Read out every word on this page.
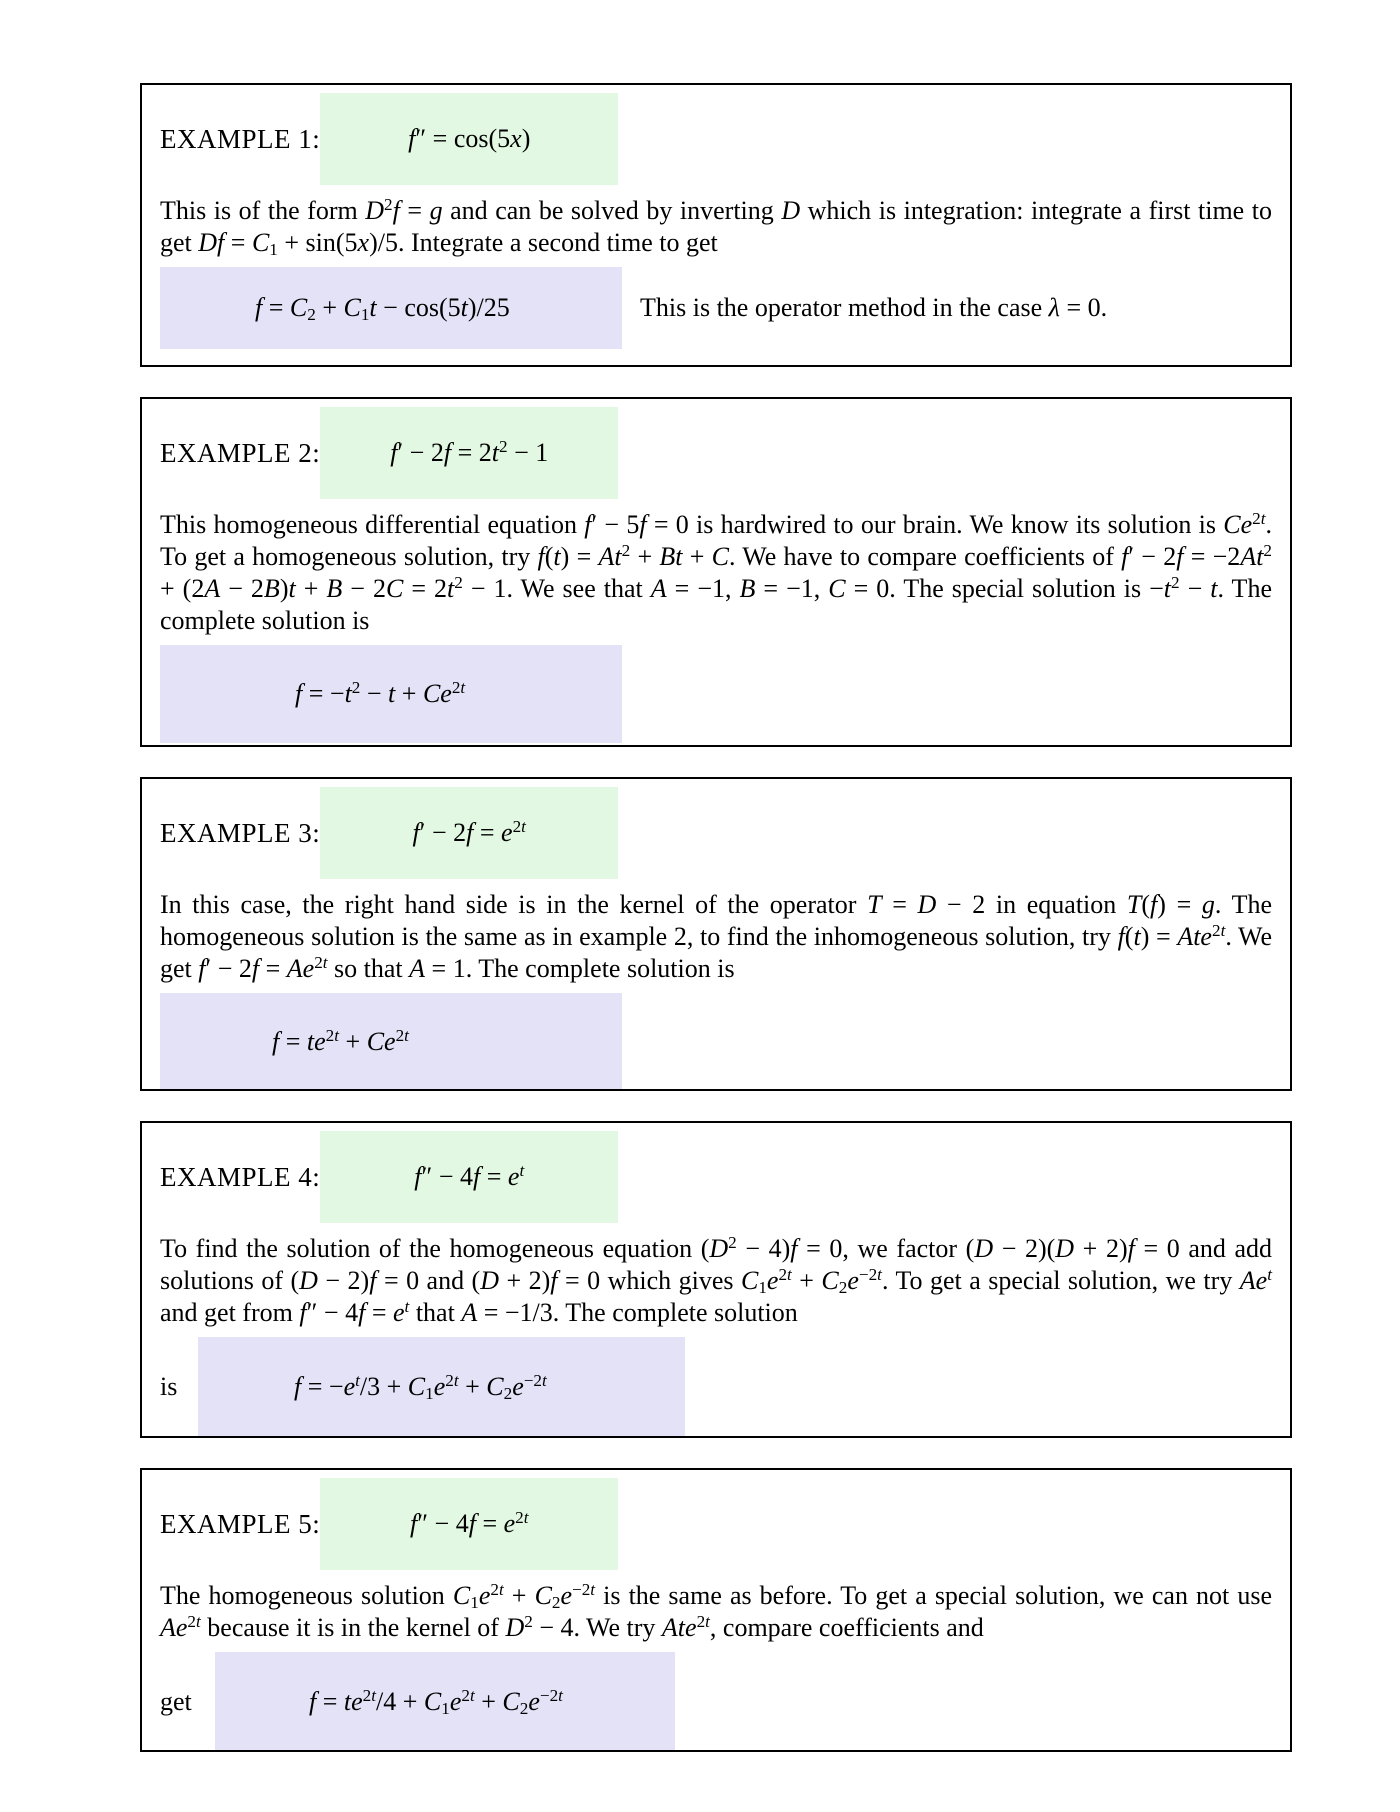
EXAMPLE 1:	f″ = cos(5x)

This is of the form $D^2f = g$ and can be solved by inverting D which is integration: integrate a first time to get $Df = C_1 + \sin(5x)/5$. Integrate a second time to get

$f = C_2 + C_1t - \cos(5t)/25$	This is the operator method in the case λ = 0.
EXAMPLE 2:	$f' - 2f = 2t^2 - 1$

This homogeneous differential equation f′ − 5f = 0 is hardwired to our brain. We know its solution is $Ce^{2t}$. To get a homogeneous solution, try $f(t) = At^2 + Bt + C$. We have to compare coefficients of $f' - 2f = -2At^2 + (2A - 2B)t + B - 2C = 2t^2 - 1$. We see that A = −1, B = −1, C = 0. The special solution is $-t^2 - t$. The complete solution is

$f = -t^2 - t + Ce^{2t}$
EXAMPLE 3:	$f' - 2f = e^{2t}$

In this case, the right hand side is in the kernel of the operator T = D − 2 in equation T(f) = g. The homogeneous solution is the same as in example 2, to find the inhomogeneous solution, try f(t) = Ate$^{2t}$. We get $f' - 2f = Ae^{2t}$ so that A = 1. The complete solution is

$f = te^{2t} + Ce^{2t}$
EXAMPLE 4:	$f'' - 4f = e^t$

To find the solution of the homogeneous equation $(D^2 - 4)f = 0$, we factor (D − 2)(D + 2)f = 0 and add solutions of (D − 2)f = 0 and (D + 2)f = 0 which gives $C_1e^{2t} + C_2e^{-2t}$. To get a special solution, we try Ae$^t$ and get from $f'' - 4f = e^t$ that A = −1/3. The complete solution

is	$f = -e^t/3 + C_1e^{2t} + C_2e^{-2t}$
EXAMPLE 5:	$f'' - 4f = e^{2t}$

The homogeneous solution $C_1e^{2t} + C_2e^{-2t}$ is the same as before. To get a special solution, we can not use $Ae^{2t}$ because it is in the kernel of $D^2 - 4$. We try Ate$^{2t}$, compare coefficients and

get	$f = te^{2t}/4 + C_1e^{2t} + C_2e^{-2t}$
